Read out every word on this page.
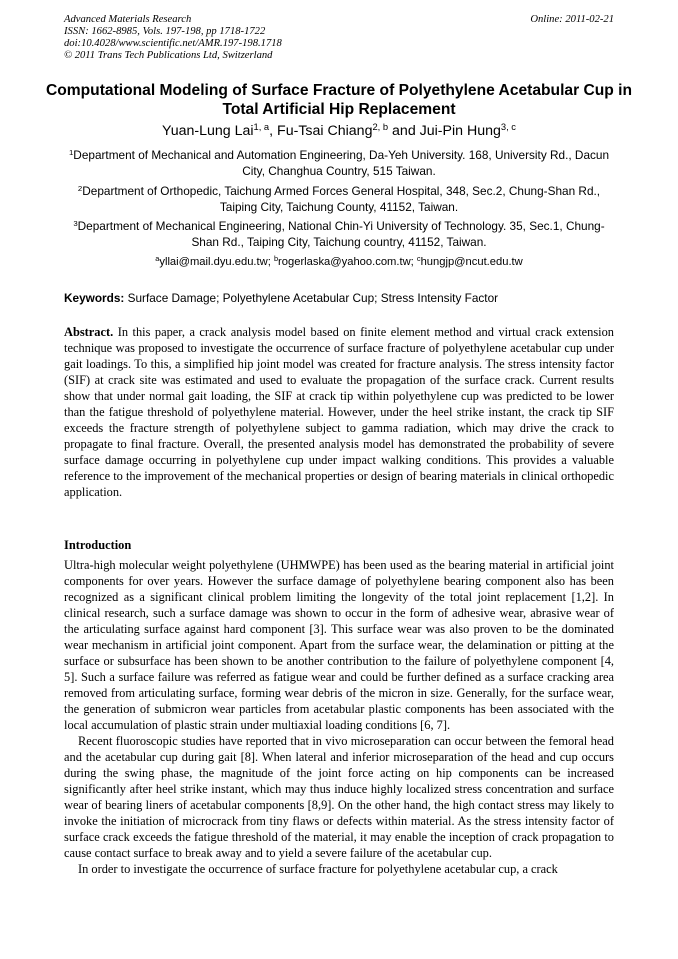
Advanced Materials Research
ISSN: 1662-8985, Vols. 197-198, pp 1718-1722
doi:10.4028/www.scientific.net/AMR.197-198.1718
© 2011 Trans Tech Publications Ltd, Switzerland
Online: 2011-02-21
Computational Modeling of Surface Fracture of Polyethylene Acetabular Cup in Total Artificial Hip Replacement
Yuan-Lung Lai$^{1, a}$, Fu-Tsai Chiang$^{2, b}$ and Jui-Pin Hung$^{3, c}$
$^1$Department of Mechanical and Automation Engineering, Da-Yeh University. 168, University Rd., Dacun City, Changhua Country, 515 Taiwan.
$^2$Department of Orthopedic, Taichung Armed Forces General Hospital, 348, Sec.2, Chung-Shan Rd., Taiping City, Taichung County, 41152, Taiwan.
$^3$Department of Mechanical Engineering, National Chin-Yi University of Technology. 35, Sec.1, Chung-Shan Rd., Taiping City, Taichung country, 41152, Taiwan.
$^a$yllai@mail.dyu.edu.tw; $^b$rogerlaska@yahoo.com.tw; $^c$hungjp@ncut.edu.tw
Keywords: Surface Damage; Polyethylene Acetabular Cup; Stress Intensity Factor
Abstract. In this paper, a crack analysis model based on finite element method and virtual crack extension technique was proposed to investigate the occurrence of surface fracture of polyethylene acetabular cup under gait loadings. To this, a simplified hip joint model was created for fracture analysis. The stress intensity factor (SIF) at crack site was estimated and used to evaluate the propagation of the surface crack. Current results show that under normal gait loading, the SIF at crack tip within polyethylene cup was predicted to be lower than the fatigue threshold of polyethylene material. However, under the heel strike instant, the crack tip SIF exceeds the fracture strength of polyethylene subject to gamma radiation, which may drive the crack to propagate to final fracture. Overall, the presented analysis model has demonstrated the probability of severe surface damage occurring in polyethylene cup under impact walking conditions. This provides a valuable reference to the improvement of the mechanical properties or design of bearing materials in clinical orthopedic application.
Introduction

Ultra-high molecular weight polyethylene (UHMWPE) has been used as the bearing material in artificial joint components for over years. However the surface damage of polyethylene bearing component also has been recognized as a significant clinical problem limiting the longevity of the total joint replacement [1,2]. In clinical research, such a surface damage was shown to occur in the form of adhesive wear, abrasive wear of the articulating surface against hard component [3]. This surface wear was also proven to be the dominated wear mechanism in artificial joint component. Apart from the surface wear, the delamination or pitting at the surface or subsurface has been shown to be another contribution to the failure of polyethylene component [4, 5]. Such a surface failure was referred as fatigue wear and could be further defined as a surface cracking area removed from articulating surface, forming wear debris of the micron in size. Generally, for the surface wear, the generation of submicron wear particles from acetabular plastic components has been associated with the local accumulation of plastic strain under multiaxial loading conditions [6, 7].

Recent fluoroscopic studies have reported that in vivo microseparation can occur between the femoral head and the acetabular cup during gait [8]. When lateral and inferior microseparation of the head and cup occurs during the swing phase, the magnitude of the joint force acting on hip components can be increased significantly after heel strike instant, which may thus induce highly localized stress concentration and surface wear of bearing liners of acetabular components [8,9]. On the other hand, the high contact stress may likely to invoke the initiation of microcrack from tiny flaws or defects within material. As the stress intensity factor of surface crack exceeds the fatigue threshold of the material, it may enable the inception of crack propagation to cause contact surface to break away and to yield a severe failure of the acetabular cup.

In order to investigate the occurrence of surface fracture for polyethylene acetabular cup, a crack
